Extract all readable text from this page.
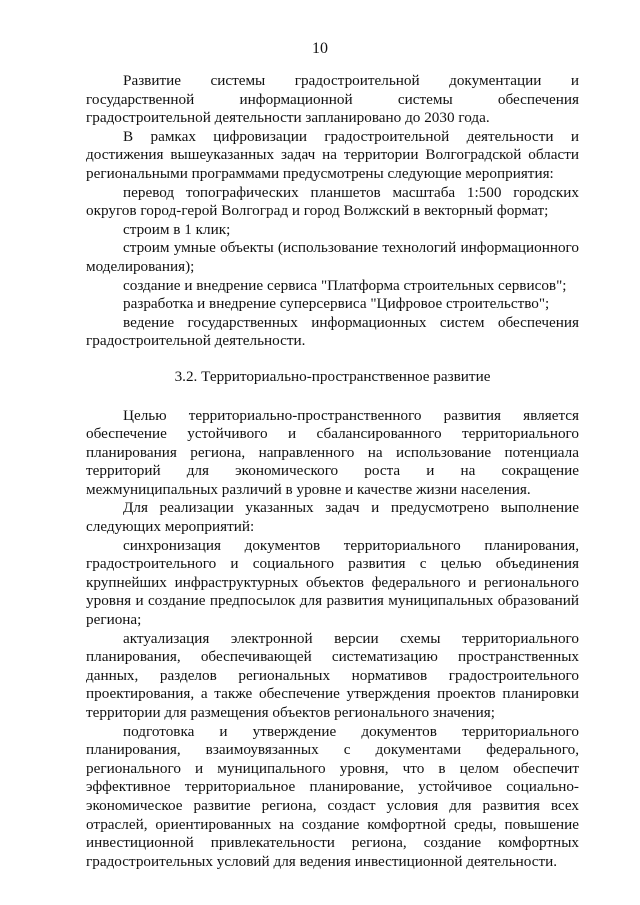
10

Развитие системы градостроительной документации и государственной информационной системы обеспечения градостроительной деятельности запланировано до 2030 года.

В рамках цифровизации градостроительной деятельности и достижения вышеуказанных задач на территории Волгоградской области региональными программами предусмотрены следующие мероприятия:

перевод топографических планшетов масштаба 1:500 городских округов город-герой Волгоград и город Волжский в векторный формат;

строим в 1 клик;

строим умные объекты (использование технологий информационного моделирования);

создание и внедрение сервиса "Платформа строительных сервисов";

разработка и внедрение суперсервиса "Цифровое строительство";

ведение государственных информационных систем обеспечения градостроительной деятельности.

3.2. Территориально-пространственное развитие

Целью территориально-пространственного развития является обеспечение устойчивого и сбалансированного территориального планирования региона, направленного на использование потенциала территорий для экономического роста и на сокращение межмуниципальных различий в уровне и качестве жизни населения.

Для реализации указанных задач и предусмотрено выполнение следующих мероприятий:

синхронизация документов территориального планирования, градостроительного и социального развития с целью объединения крупнейших инфраструктурных объектов федерального и регионального уровня и создание предпосылок для развития муниципальных образований региона;

актуализация электронной версии схемы территориального планирования, обеспечивающей систематизацию пространственных данных, разделов региональных нормативов градостроительного проектирования, а также обеспечение утверждения проектов планировки территории для размещения объектов регионального значения;

подготовка и утверждение документов территориального планирования, взаимоувязанных с документами федерального, регионального и муниципального уровня, что в целом обеспечит эффективное территориальное планирование, устойчивое социально-экономическое развитие региона, создаст условия для развития всех отраслей, ориентированных на создание комфортной среды, повышение инвестиционной привлекательности региона, создание комфортных градостроительных условий для ведения инвестиционной деятельности.
